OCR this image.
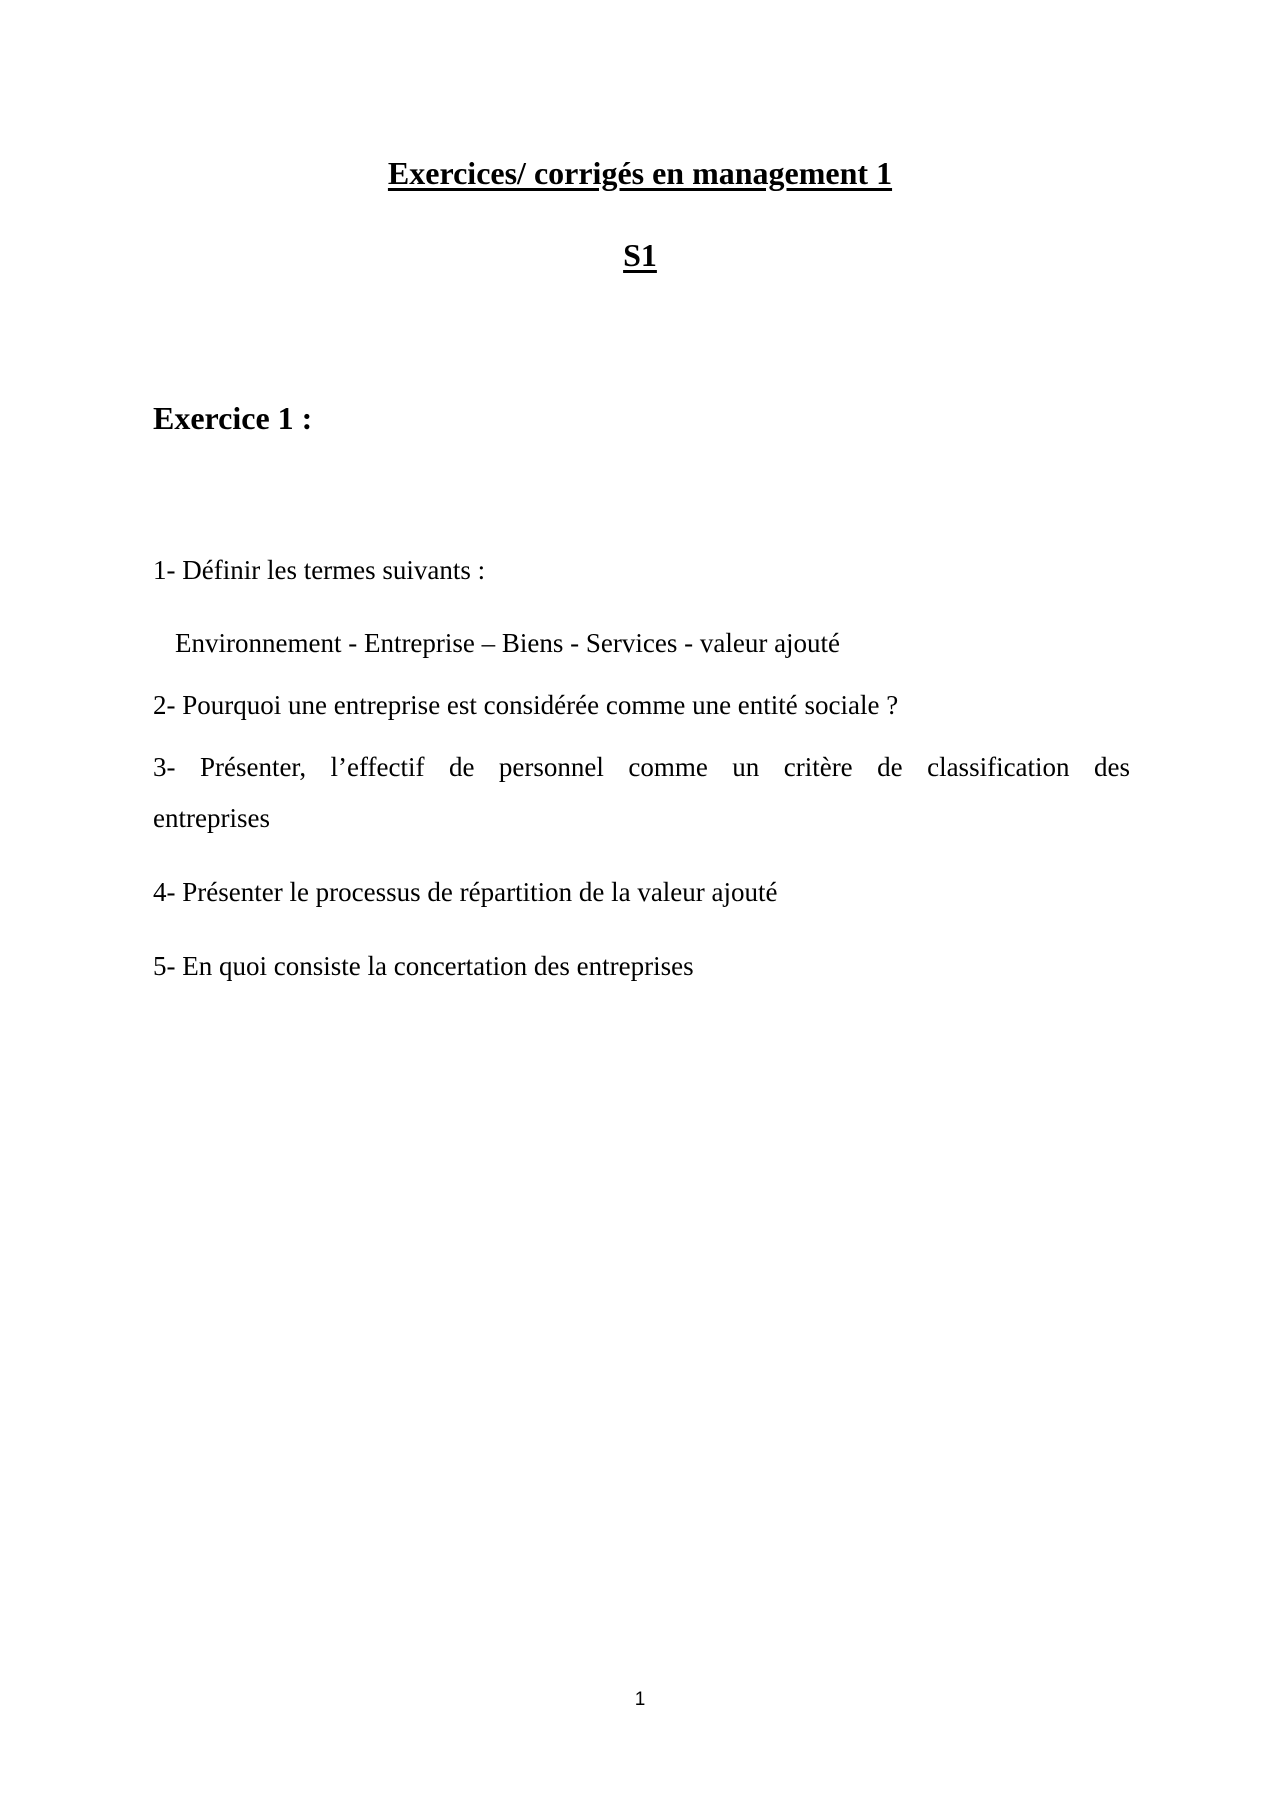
Exercices/ corrigés en management 1
S1
Exercice 1 :
1- Définir les termes suivants :
Environnement - Entreprise – Biens - Services - valeur ajouté
2- Pourquoi une entreprise est considérée comme une entité sociale ?
3- Présenter, l’effectif de personnel comme un critère de classification des
entreprises
4- Présenter le processus de répartition de la valeur ajouté
5- En quoi consiste la concertation des entreprises
1
